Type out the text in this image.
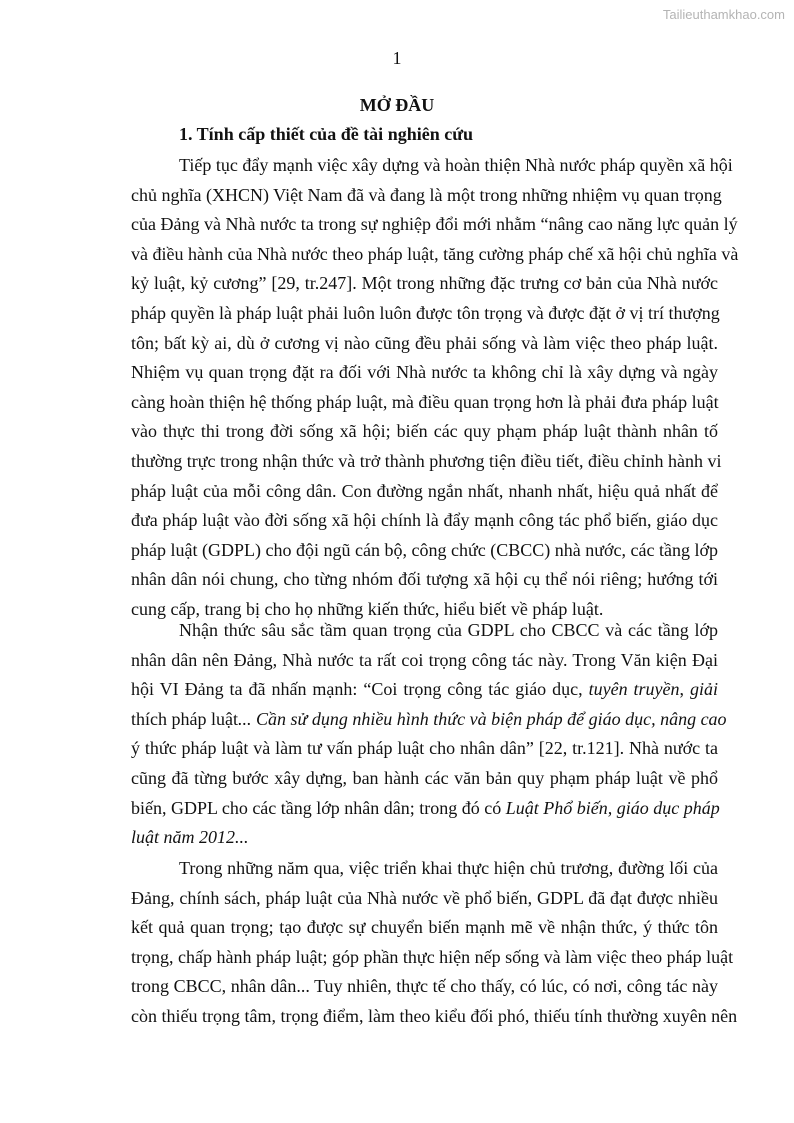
Tailieuthamkhao.com
1
MỞ ĐẦU
1. Tính cấp thiết của đề tài nghiên cứu
Tiếp tục đẩy mạnh việc xây dựng và hoàn thiện Nhà nước pháp quyền xã hội
chủ nghĩa (XHCN) Việt Nam đã và đang là một trong những nhiệm vụ quan trọng
của Đảng và Nhà nước ta trong sự nghiệp đổi mới nhằm “nâng cao năng lực quản lý
và điều hành của Nhà nước theo pháp luật, tăng cường pháp chế xã hội chủ nghĩa và
kỷ luật, kỷ cương” [29, tr.247]. Một trong những đặc trưng cơ bản của Nhà nước
pháp quyền là pháp luật phải luôn luôn được tôn trọng và được đặt ở vị trí thượng
tôn; bất kỳ ai, dù ở cương vị nào cũng đều phải sống và làm việc theo pháp luật.
Nhiệm vụ quan trọng đặt ra đối với Nhà nước ta không chỉ là xây dựng và ngày
càng hoàn thiện hệ thống pháp luật, mà điều quan trọng hơn là phải đưa pháp luật
vào thực thi trong đời sống xã hội; biến các quy phạm pháp luật thành nhân tố
thường trực trong nhận thức và trở thành phương tiện điều tiết, điều chỉnh hành vi
pháp luật của mỗi công dân. Con đường ngắn nhất, nhanh nhất, hiệu quả nhất để
đưa pháp luật vào đời sống xã hội chính là đẩy mạnh công tác phổ biến, giáo dục
pháp luật (GDPL) cho đội ngũ cán bộ, công chức (CBCC) nhà nước, các tầng lớp
nhân dân nói chung, cho từng nhóm đối tượng xã hội cụ thể nói riêng; hướng tới
cung cấp, trang bị cho họ những kiến thức, hiểu biết về pháp luật.
Nhận thức sâu sắc tầm quan trọng của GDPL cho CBCC và các tầng lớp
nhân dân nên Đảng, Nhà nước ta rất coi trọng công tác này. Trong Văn kiện Đại
hội VI Đảng ta đã nhấn mạnh: “Coi trọng công tác giáo dục, tuyên truyền, giải
thích pháp luật... Cần sử dụng nhiều hình thức và biện pháp để giáo dục, nâng cao
ý thức pháp luật và làm tư vấn pháp luật cho nhân dân” [22, tr.121]. Nhà nước ta
cũng đã từng bước xây dựng, ban hành các văn bản quy phạm pháp luật về phổ
biến, GDPL cho các tầng lớp nhân dân; trong đó có Luật Phổ biến, giáo dục pháp
luật năm 2012...
Trong những năm qua, việc triển khai thực hiện chủ trương, đường lối của
Đảng, chính sách, pháp luật của Nhà nước về phổ biến, GDPL đã đạt được nhiều
kết quả quan trọng; tạo được sự chuyển biến mạnh mẽ về nhận thức, ý thức tôn
trọng, chấp hành pháp luật; góp phần thực hiện nếp sống và làm việc theo pháp luật
trong CBCC, nhân dân... Tuy nhiên, thực tế cho thấy, có lúc, có nơi, công tác này
còn thiếu trọng tâm, trọng điểm, làm theo kiểu đối phó, thiếu tính thường xuyên nên
